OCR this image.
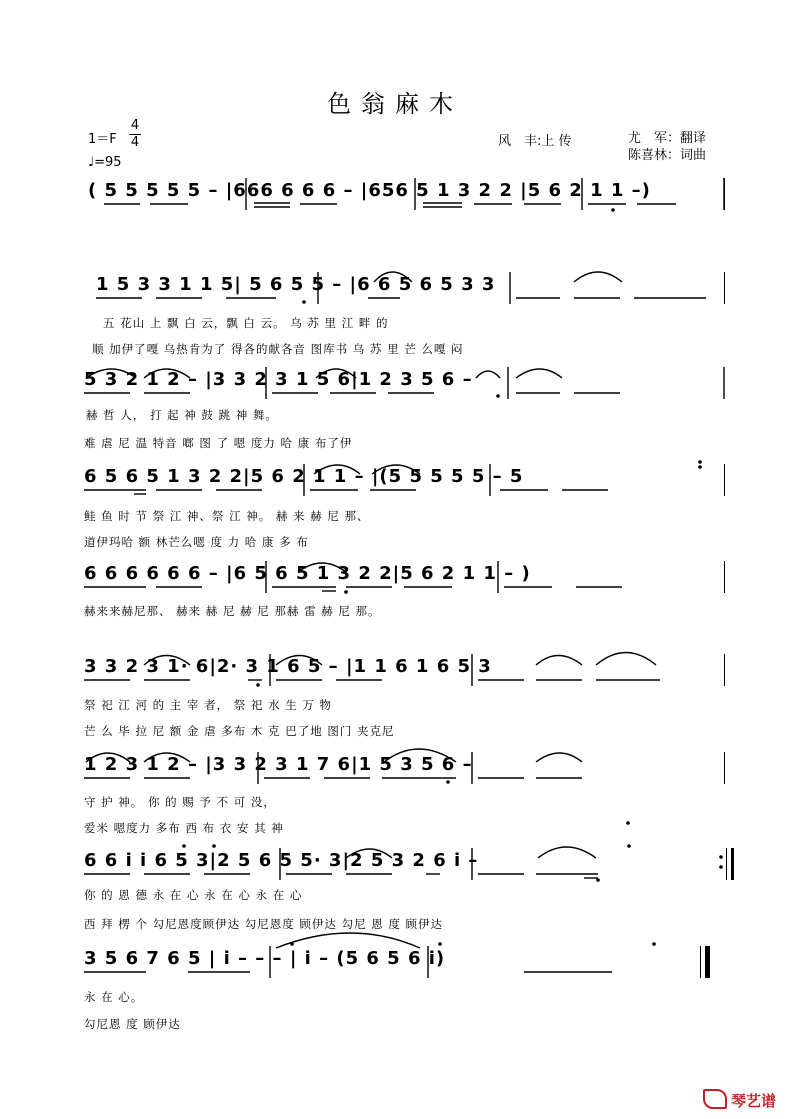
色翁麻木
1＝F
4
4
♩=95
风　丰:上 传	尤　军：翻译
陈喜林：词曲
( 5 5 5 5 5 – |666 6 6 6 – |656 5 1 3 2 2 |5 6 2 1 1 –)
1 5 3 3 1 1 5| 5 6 5 5 – |6 6 5 6 5 3 3
五 花山 上 飘 白 云，飘 白 云。 乌 苏 里 江 畔 的
顺 加伊了嘎 乌热肯为了 得各的献各音 图库书 乌 苏 里 芒 么嘎 闷
5 3 2 1 2 – |3 3 2 3 1 5 6|1 2 3 5 6 –
赫 哲 人， 打 起 神 鼓 跳 神 舞。
难 虐 尼 温 特音 啷 图 了 嗯 度力 哈 康 布了伊
6 5 6 5 1 3 2 2|5 6 2 1 1 – |(5 5 5 5 5 – 5
鲑 鱼 时 节 祭 江 神、祭 江 神。 赫 来 赫 尼 那、
道伊玛哈 额 林芒么嗯 度 力 哈 康 多 布
6 6 6 6 6 6 – |6 5 6 5 1 3 2 2|5 6 2 1 1 – )
赫来来赫尼那、 赫来 赫 尼 赫 尼 那赫 雷 赫 尼 那。
3 3 2 3 1· 6|2· 3 1 6 5 – |1 1 6 1 6 5 3
祭 祀 江 河 的 主 宰 者， 祭 祀 水 生 万 物
芒 么 毕 拉 尼 额 金 虐 多布 木 克 巴了地 图门 夹克尼
1 2 3 1 2 – |3 3 2 3 1 7 6|1 5 3 5 6 –
守 护 神。 你 的 赐 予 不 可 没，
爱米 嗯度力 多布 西 布 衣 安 其 神
6 6 i i 6 5 3|2 5 6 5 5· 3|2 5 3 2 6 i –
你 的 恩 德 永 在 心 永 在 心 永 在 心
西 拜 楞 个 勾尼恩度顾伊达 勾尼恩度 顾伊达 勾尼 恩 度 顾伊达
3 5 6 7 6 5 | i – – – | i – (5 6 5 6 i)
永 在 心。
勾尼恩 度 顾伊达
琴艺谱
